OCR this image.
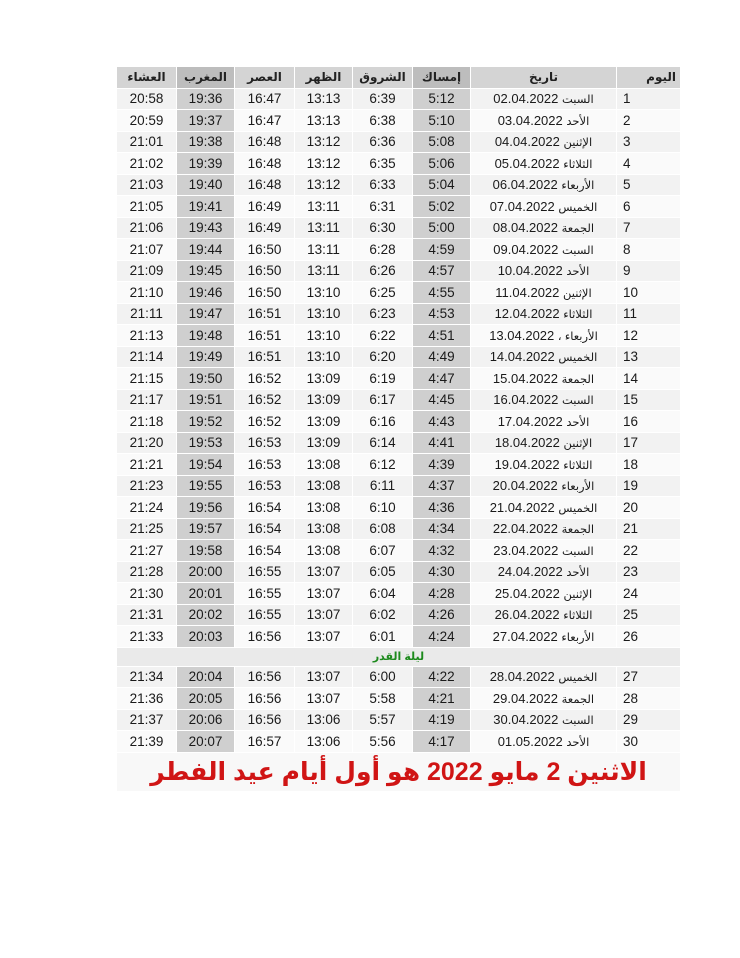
اليوم	تاريخ	إمساك	الشروق	الظهر	العصر	المغرب	العشاء
1	السبت 02.04.2022	5:12	6:39	13:13	16:47	19:36	20:58
2	الأحد 03.04.2022	5:10	6:38	13:13	16:47	19:37	20:59
3	الإثنين 04.04.2022	5:08	6:36	13:12	16:48	19:38	21:01
4	الثلاثاء 05.04.2022	5:06	6:35	13:12	16:48	19:39	21:02
5	الأربعاء 06.04.2022	5:04	6:33	13:12	16:48	19:40	21:03
6	الخميس 07.04.2022	5:02	6:31	13:11	16:49	19:41	21:05
7	الجمعة 08.04.2022	5:00	6:30	13:11	16:49	19:43	21:06
8	السبت 09.04.2022	4:59	6:28	13:11	16:50	19:44	21:07
9	الأحد 10.04.2022	4:57	6:26	13:11	16:50	19:45	21:09
10	الإثنين 11.04.2022	4:55	6:25	13:10	16:50	19:46	21:10
11	الثلاثاء 12.04.2022	4:53	6:23	13:10	16:51	19:47	21:11
12	الأربعاء ، 13.04.2022	4:51	6:22	13:10	16:51	19:48	21:13
13	الخميس 14.04.2022	4:49	6:20	13:10	16:51	19:49	21:14
14	الجمعة 15.04.2022	4:47	6:19	13:09	16:52	19:50	21:15
15	السبت 16.04.2022	4:45	6:17	13:09	16:52	19:51	21:17
16	الأحد 17.04.2022	4:43	6:16	13:09	16:52	19:52	21:18
17	الإثنين 18.04.2022	4:41	6:14	13:09	16:53	19:53	21:20
18	الثلاثاء 19.04.2022	4:39	6:12	13:08	16:53	19:54	21:21
19	الأربعاء 20.04.2022	4:37	6:11	13:08	16:53	19:55	21:23
20	الخميس 21.04.2022	4:36	6:10	13:08	16:54	19:56	21:24
21	الجمعة 22.04.2022	4:34	6:08	13:08	16:54	19:57	21:25
22	السبت 23.04.2022	4:32	6:07	13:08	16:54	19:58	21:27
23	الأحد 24.04.2022	4:30	6:05	13:07	16:55	20:00	21:28
24	الإثنين 25.04.2022	4:28	6:04	13:07	16:55	20:01	21:30
25	الثلاثاء 26.04.2022	4:26	6:02	13:07	16:55	20:02	21:31
26	الأربعاء 27.04.2022	4:24	6:01	13:07	16:56	20:03	21:33
ليلة القدر							
27	الخميس 28.04.2022	4:22	6:00	13:07	16:56	20:04	21:34
28	الجمعة 29.04.2022	4:21	5:58	13:07	16:56	20:05	21:36
29	السبت 30.04.2022	4:19	5:57	13:06	16:56	20:06	21:37
30	الأحد 01.05.2022	4:17	5:56	13:06	16:57	20:07	21:39
الاثنين 2 مايو 2022 هو أول أيام عيد الفطر							
